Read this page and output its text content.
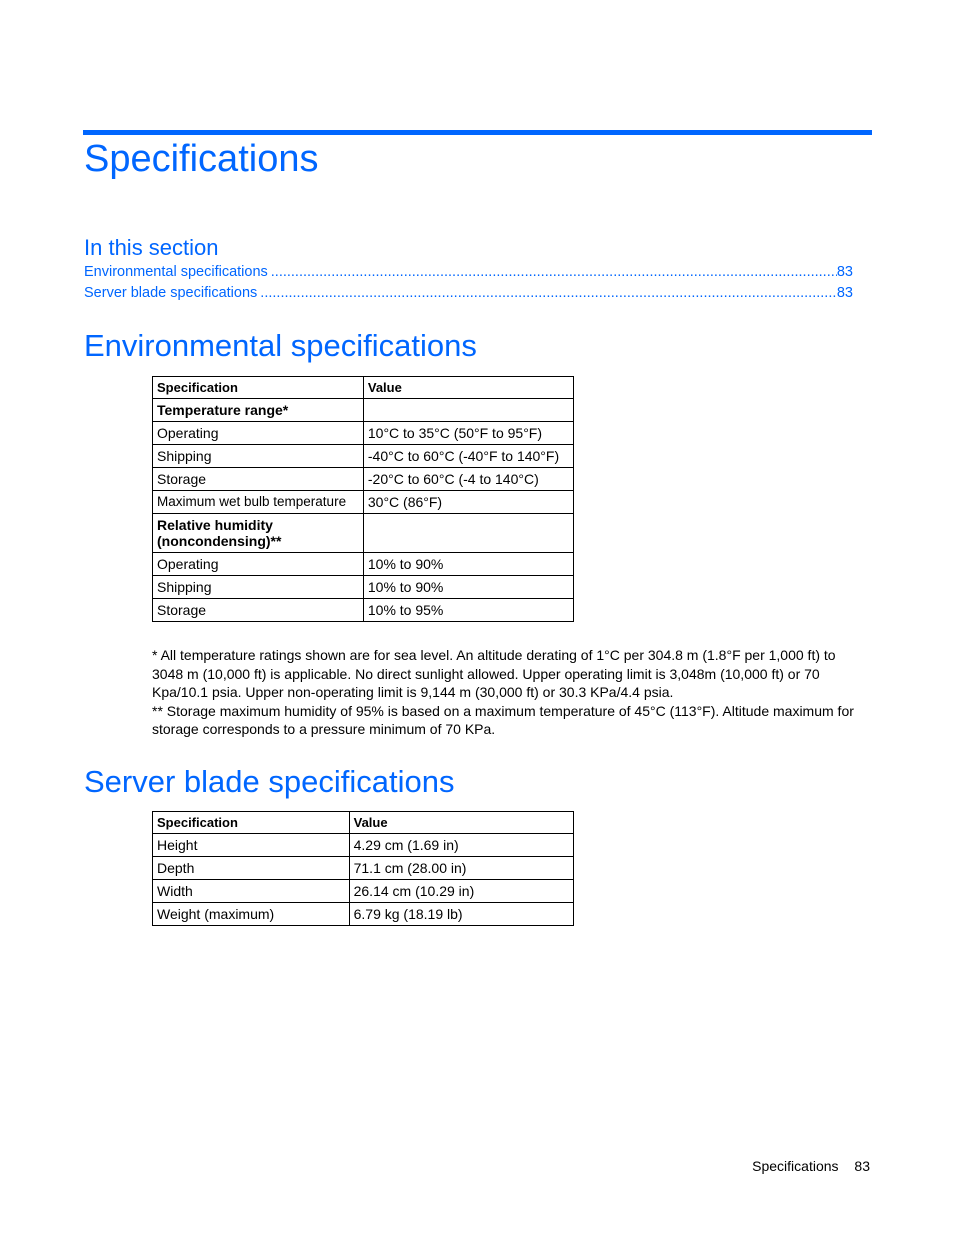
Specifications
In this section
Environmental specifications .....	83
Server blade specifications .....	83
Environmental specifications
Specification	Value
Temperature range*	
Operating	10°C to 35°C (50°F to 95°F)
Shipping	-40°C to 60°C (-40°F to 140°F)
Storage	-20°C to 60°C (-4 to 140°C)
Maximum wet bulb temperature	30°C (86°F)
Relative humidity (noncondensing)**	
Operating	10% to 90%
Shipping	10% to 90%
Storage	10% to 95%

* All temperature ratings shown are for sea level. An altitude derating of 1°C per 304.8 m (1.8°F per 1,000 ft) to 3048 m (10,000 ft) is applicable. No direct sunlight allowed. Upper operating limit is 3,048m (10,000 ft) or 70 Kpa/10.1 psia. Upper non-operating limit is 9,144 m (30,000 ft) or 30.3 KPa/4.4 psia.

** Storage maximum humidity of 95% is based on a maximum temperature of 45°C (113°F). Altitude maximum for storage corresponds to a pressure minimum of 70 KPa.

Server blade specifications
Specification	Value
Height	4.29 cm (1.69 in)
Depth	71.1 cm (28.00 in)
Width	26.14 cm (10.29 in)
Weight (maximum)	6.79 kg (18.19 lb)
Specifications 83
